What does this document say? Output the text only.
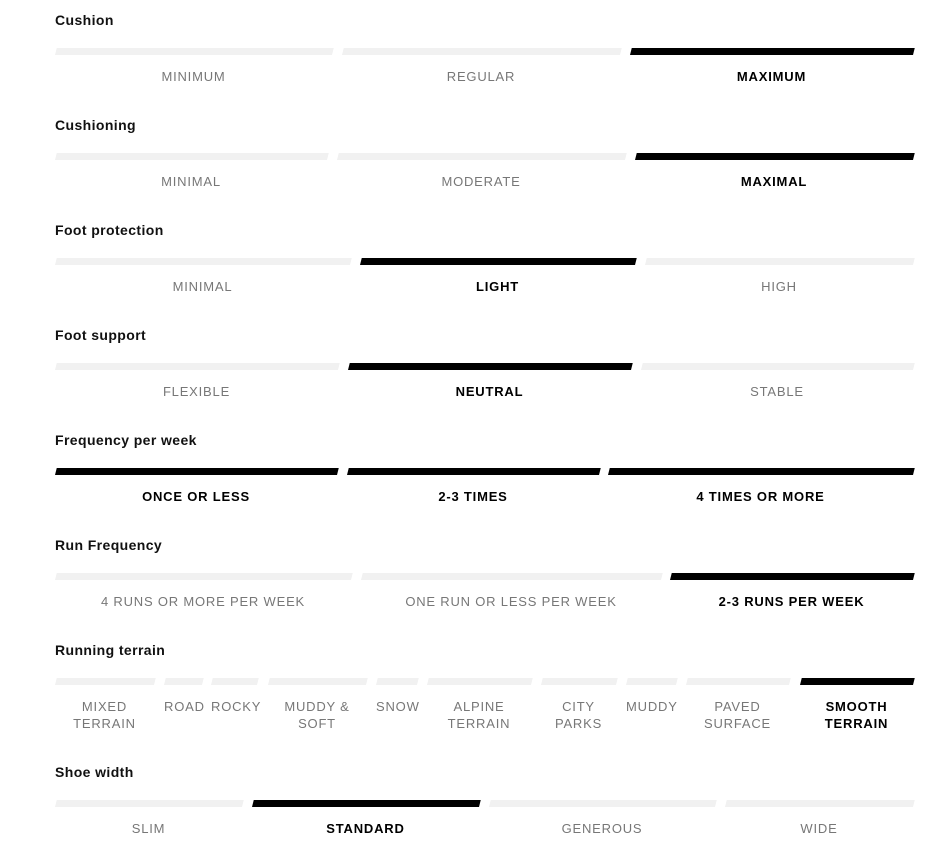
Cushion
MINIMUM	REGULAR	MAXIMUM
Cushioning
MINIMAL	MODERATE	MAXIMAL
Foot protection
MINIMAL	LIGHT	HIGH
Foot support
FLEXIBLE	NEUTRAL	STABLE
Frequency per week
ONCE OR LESS	2-3 TIMES	4 TIMES OR MORE
Run Frequency
4 RUNS OR MORE PER WEEK	ONE RUN OR LESS PER WEEK	2-3 RUNS PER WEEK
Running terrain
MIXED
TERRAIN
ROAD ROCKY	MUDDY &
SOFT
SNOW	ALPINE
TERRAIN
CITY
PARKS
MUDDY	PAVED
SURFACE
SMOOTH
TERRAIN
Shoe width
SLIM	STANDARD	GENEROUS	WIDE
